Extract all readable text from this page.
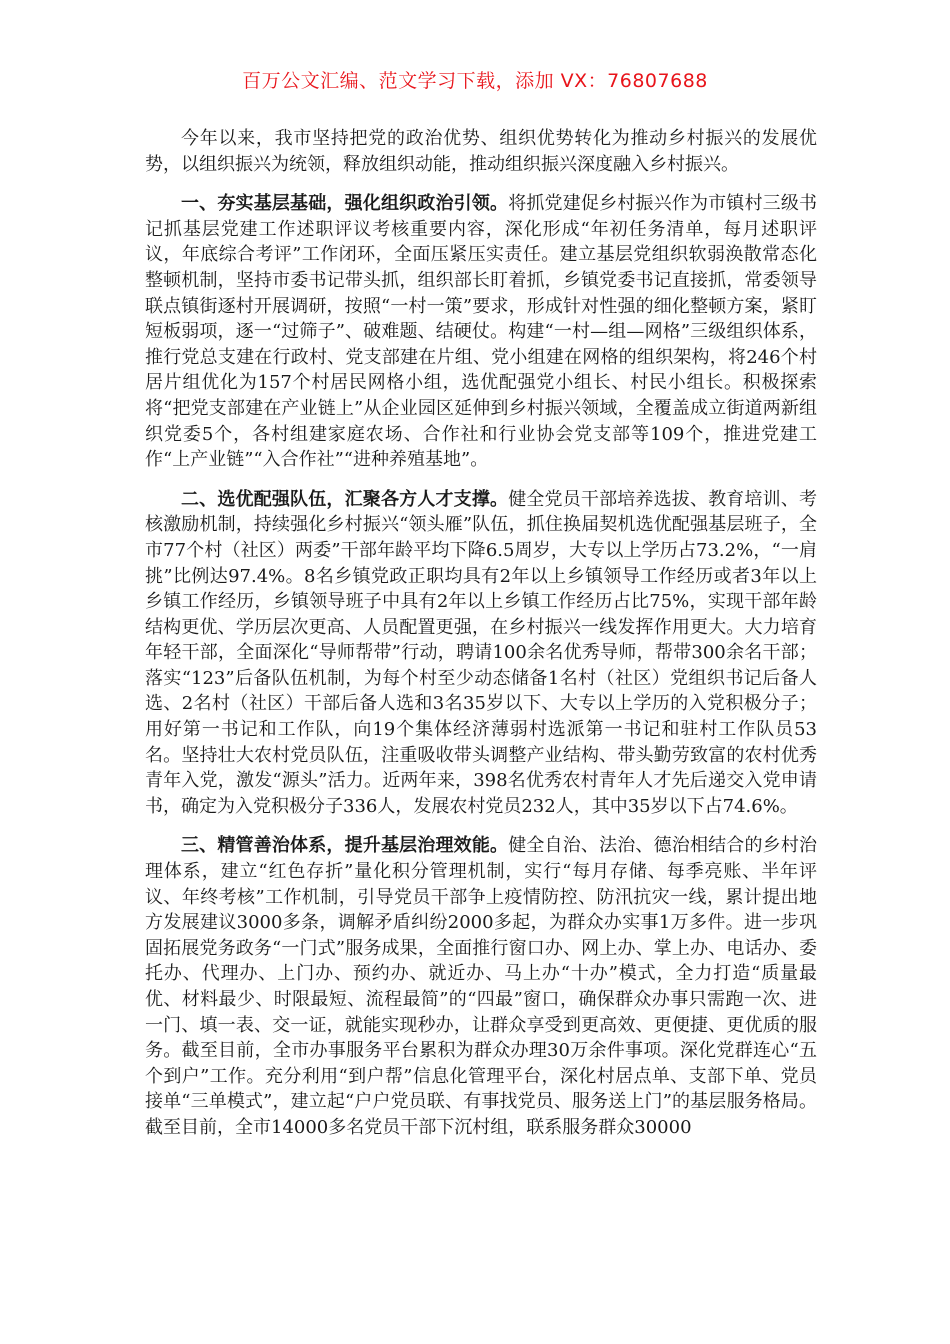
百万公文汇编、范文学习下载，添加 VX：76807688

今年以来，我市坚持把党的政治优势、组织优势转化为推动乡村振兴的发展优势，以组织振兴为统领，释放组织动能，推动组织振兴深度融入乡村振兴。

一、夯实基层基础，强化组织政治引领。将抓党建促乡村振兴作为市镇村三级书记抓基层党建工作述职评议考核重要内容，深化形成“年初任务清单，每月述职评议，年底综合考评”工作闭环，全面压紧压实责任。建立基层党组织软弱涣散常态化整顿机制，坚持市委书记带头抓，组织部长盯着抓，乡镇党委书记直接抓，常委领导联点镇街逐村开展调研，按照“一村一策”要求，形成针对性强的细化整顿方案，紧盯短板弱项，逐一“过筛子”、破难题、结硬仗。构建“一村—组—网格”三级组织体系，推行党总支建在行政村、党支部建在片组、党小组建在网格的组织架构，将246个村居片组优化为157个村居民网格小组，选优配强党小组长、村民小组长。积极探索将“把党支部建在产业链上”从企业园区延伸到乡村振兴领域，全覆盖成立街道两新组织党委5个，各村组建家庭农场、合作社和行业协会党支部等109个，推进党建工作“上产业链”“入合作社”“进种养殖基地”。

二、选优配强队伍，汇聚各方人才支撑。健全党员干部培养选拔、教育培训、考核激励机制，持续强化乡村振兴“领头雁”队伍，抓住换届契机选优配强基层班子，全市77个村（社区）两委”干部年龄平均下降6.5周岁，大专以上学历占73.2%，“一肩挑”比例达97.4%。8名乡镇党政正职均具有2年以上乡镇领导工作经历或者3年以上乡镇工作经历，乡镇领导班子中具有2年以上乡镇工作经历占比75%，实现干部年龄结构更优、学历层次更高、人员配置更强，在乡村振兴一线发挥作用更大。大力培育年轻干部，全面深化“导师帮带”行动，聘请100余名优秀导师，帮带300余名干部；落实“123”后备队伍机制，为每个村至少动态储备1名村（社区）党组织书记后备人选、2名村（社区）干部后备人选和3名35岁以下、大专以上学历的入党积极分子；用好第一书记和工作队，向19个集体经济薄弱村选派第一书记和驻村工作队员53名。坚持壮大农村党员队伍，注重吸收带头调整产业结构、带头勤劳致富的农村优秀青年入党，激发“源头”活力。近两年来，398名优秀农村青年人才先后递交入党申请书，确定为入党积极分子336人，发展农村党员232人，其中35岁以下占74.6%。

三、精管善治体系，提升基层治理效能。健全自治、法治、德治相结合的乡村治理体系，建立“红色存折”量化积分管理机制，实行“每月存储、每季亮账、半年评议、年终考核”工作机制，引导党员干部争上疫情防控、防汛抗灾一线，累计提出地方发展建议3000多条，调解矛盾纠纷2000多起，为群众办实事1万多件。进一步巩固拓展党务政务“一门式”服务成果，全面推行窗口办、网上办、掌上办、电话办、委托办、代理办、上门办、预约办、就近办、马上办“十办”模式，全力打造“质量最优、材料最少、时限最短、流程最简”的“四最”窗口，确保群众办事只需跑一次、进一门、填一表、交一证，就能实现秒办，让群众享受到更高效、更便捷、更优质的服务。截至目前，全市办事服务平台累积为群众办理30万余件事项。深化党群连心“五个到户”工作。充分利用“到户帮”信息化管理平台，深化村居点单、支部下单、党员接单“三单模式”，建立起“户户党员联、有事找党员、服务送上门”的基层服务格局。截至目前，全市14000多名党员干部下沉村组，联系服务群众30000
